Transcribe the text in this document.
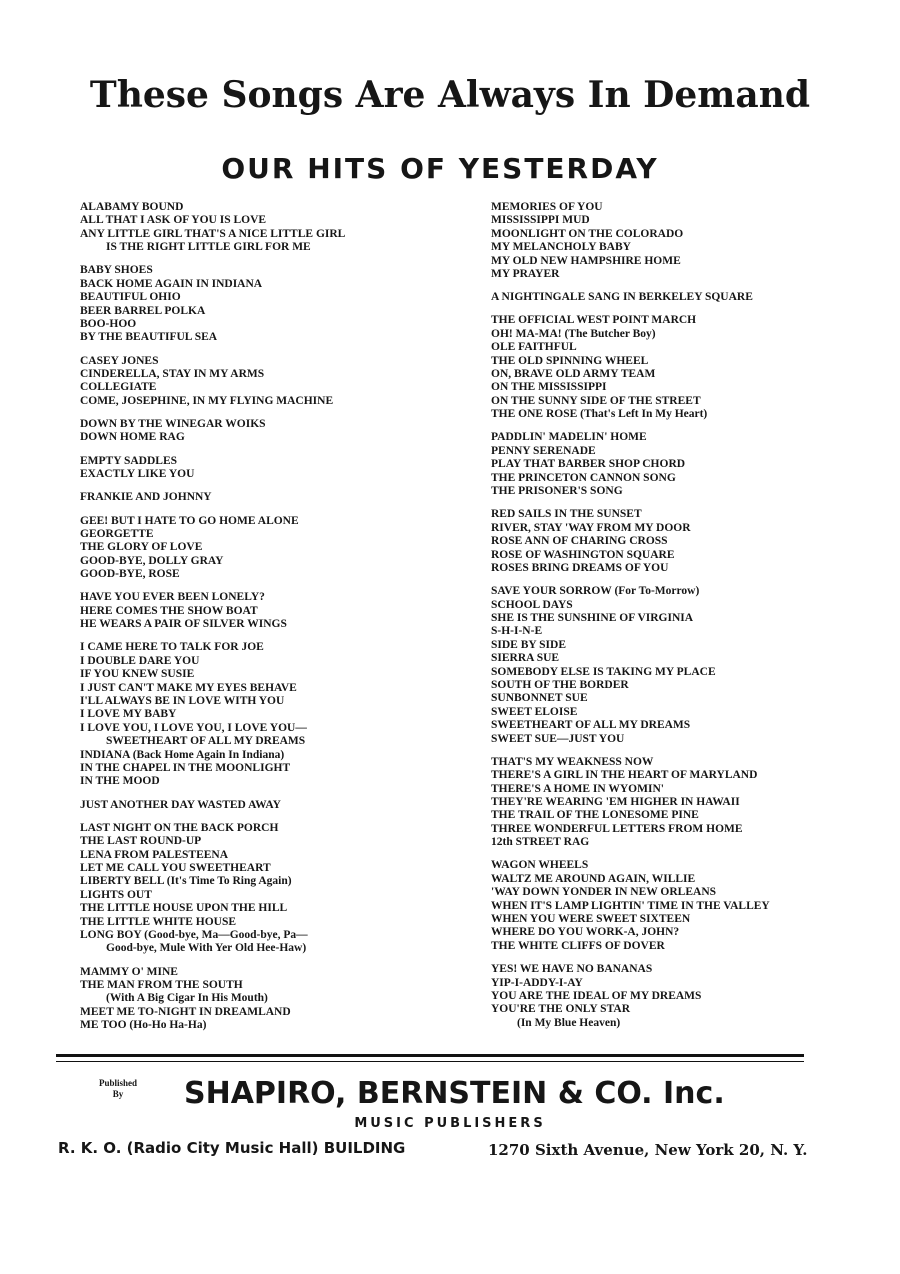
These Songs Are Always In Demand
OUR HITS OF YESTERDAY
ALABAMY BOUND
ALL THAT I ASK OF YOU IS LOVE
ANY LITTLE GIRL THAT'S A NICE LITTLE GIRL
IS THE RIGHT LITTLE GIRL FOR ME
BABY SHOES
BACK HOME AGAIN IN INDIANA
BEAUTIFUL OHIO
BEER BARREL POLKA
BOO-HOO
BY THE BEAUTIFUL SEA
CASEY JONES
CINDERELLA, STAY IN MY ARMS
COLLEGIATE
COME, JOSEPHINE, IN MY FLYING MACHINE
DOWN BY THE WINEGAR WOIKS
DOWN HOME RAG
EMPTY SADDLES
EXACTLY LIKE YOU
FRANKIE AND JOHNNY
GEE! BUT I HATE TO GO HOME ALONE
GEORGETTE
THE GLORY OF LOVE
GOOD-BYE, DOLLY GRAY
GOOD-BYE, ROSE
HAVE YOU EVER BEEN LONELY?
HERE COMES THE SHOW BOAT
HE WEARS A PAIR OF SILVER WINGS
I CAME HERE TO TALK FOR JOE
I DOUBLE DARE YOU
IF YOU KNEW SUSIE
I JUST CAN'T MAKE MY EYES BEHAVE
I'LL ALWAYS BE IN LOVE WITH YOU
I LOVE MY BABY
I LOVE YOU, I LOVE YOU, I LOVE YOU—
SWEETHEART OF ALL MY DREAMS
INDIANA (Back Home Again In Indiana)
IN THE CHAPEL IN THE MOONLIGHT
IN THE MOOD
JUST ANOTHER DAY WASTED AWAY
LAST NIGHT ON THE BACK PORCH
THE LAST ROUND-UP
LENA FROM PALESTEENA
LET ME CALL YOU SWEETHEART
LIBERTY BELL (It's Time To Ring Again)
LIGHTS OUT
THE LITTLE HOUSE UPON THE HILL
THE LITTLE WHITE HOUSE
LONG BOY (Good-bye, Ma—Good-bye, Pa—
Good-bye, Mule With Yer Old Hee-Haw)
MAMMY O' MINE
THE MAN FROM THE SOUTH
(With A Big Cigar In His Mouth)
MEET ME TO-NIGHT IN DREAMLAND
ME TOO (Ho-Ho Ha-Ha)
MEMORIES OF YOU
MISSISSIPPI MUD
MOONLIGHT ON THE COLORADO
MY MELANCHOLY BABY
MY OLD NEW HAMPSHIRE HOME
MY PRAYER
A NIGHTINGALE SANG IN BERKELEY SQUARE
THE OFFICIAL WEST POINT MARCH
OH! MA-MA! (The Butcher Boy)
OLE FAITHFUL
THE OLD SPINNING WHEEL
ON, BRAVE OLD ARMY TEAM
ON THE MISSISSIPPI
ON THE SUNNY SIDE OF THE STREET
THE ONE ROSE (That's Left In My Heart)
PADDLIN' MADELIN' HOME
PENNY SERENADE
PLAY THAT BARBER SHOP CHORD
THE PRINCETON CANNON SONG
THE PRISONER'S SONG
RED SAILS IN THE SUNSET
RIVER, STAY 'WAY FROM MY DOOR
ROSE ANN OF CHARING CROSS
ROSE OF WASHINGTON SQUARE
ROSES BRING DREAMS OF YOU
SAVE YOUR SORROW (For To-Morrow)
SCHOOL DAYS
SHE IS THE SUNSHINE OF VIRGINIA
S-H-I-N-E
SIDE BY SIDE
SIERRA SUE
SOMEBODY ELSE IS TAKING MY PLACE
SOUTH OF THE BORDER
SUNBONNET SUE
SWEET ELOISE
SWEETHEART OF ALL MY DREAMS
SWEET SUE—JUST YOU
THAT'S MY WEAKNESS NOW
THERE'S A GIRL IN THE HEART OF MARYLAND
THERE'S A HOME IN WYOMIN'
THEY'RE WEARING 'EM HIGHER IN HAWAII
THE TRAIL OF THE LONESOME PINE
THREE WONDERFUL LETTERS FROM HOME
12th STREET RAG
WAGON WHEELS
WALTZ ME AROUND AGAIN, WILLIE
'WAY DOWN YONDER IN NEW ORLEANS
WHEN IT'S LAMP LIGHTIN' TIME IN THE VALLEY
WHEN YOU WERE SWEET SIXTEEN
WHERE DO YOU WORK-A, JOHN?
THE WHITE CLIFFS OF DOVER
YES! WE HAVE NO BANANAS
YIP-I-ADDY-I-AY
YOU ARE THE IDEAL OF MY DREAMS
YOU'RE THE ONLY STAR
(In My Blue Heaven)
Published
By	SHAPIRO, BERNSTEIN & CO. Inc.
MUSIC PUBLISHERS
R. K. O. (Radio City Music Hall) BUILDING	1270 Sixth Avenue, New York 20, N. Y.
